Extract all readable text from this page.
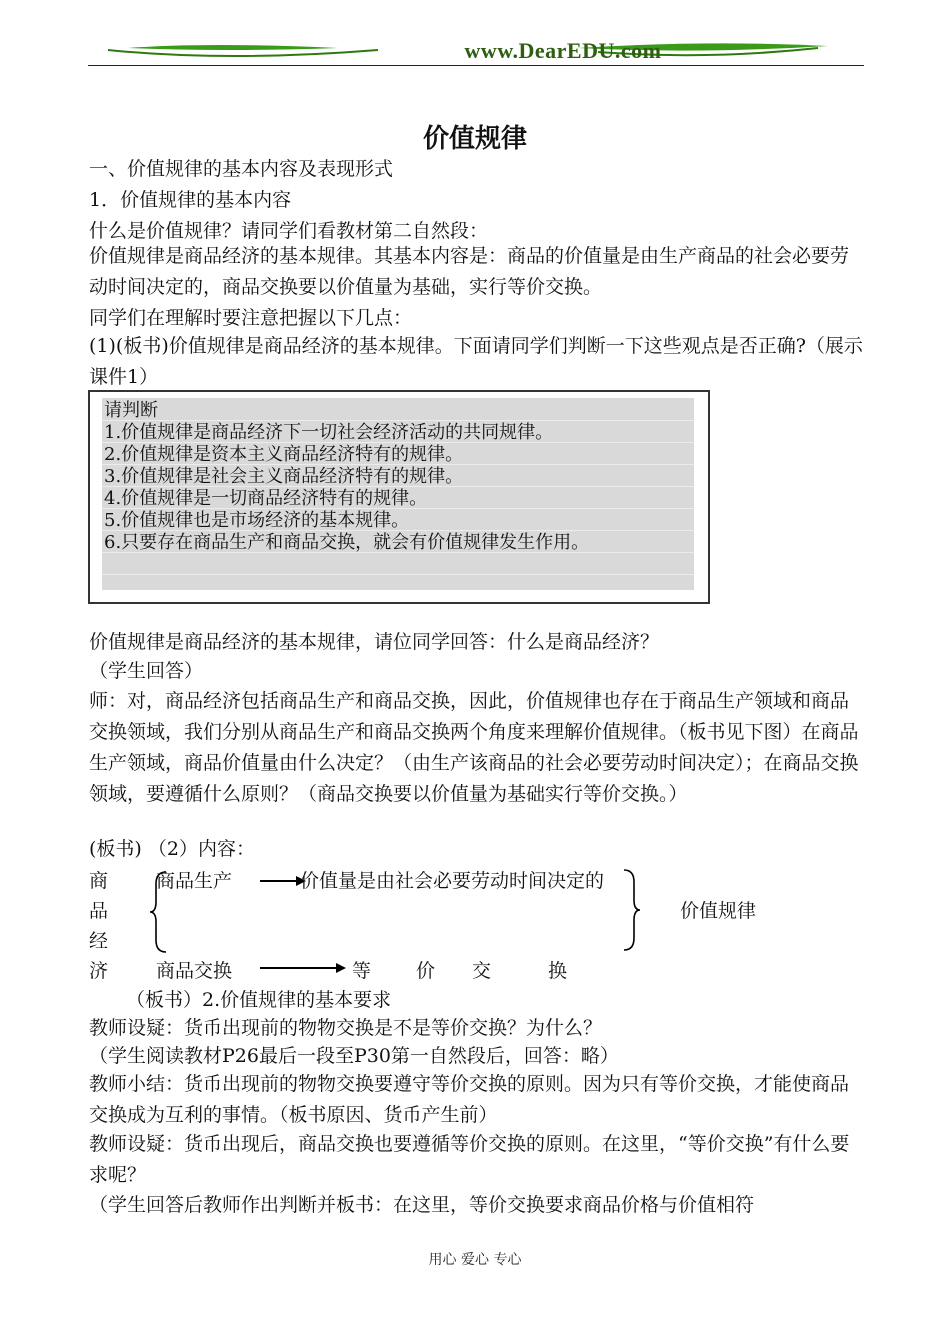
www.DearEDU.com
价值规律
一、价值规律的基本内容及表现形式
1．价值规律的基本内容
什么是价值规律？请同学们看教材第二自然段：
价值规律是商品经济的基本规律。其基本内容是：商品的价值量是由生产商品的社会必要劳动时间决定的，商品交换要以价值量为基础，实行等价交换。
同学们在理解时要注意把握以下几点：
(1)(板书)价值规律是商品经济的基本规律。下面请同学们判断一下这些观点是否正确?（展示课件1）
请判断
1.价值规律是商品经济下一切社会经济活动的共同规律。
2.价值规律是资本主义商品经济特有的规律。
3.价值规律是社会主义商品经济特有的规律。
4.价值规律是一切商品经济特有的规律。
5.价值规律也是市场经济的基本规律。
6.只要存在商品生产和商品交换，就会有价值规律发生作用。
价值规律是商品经济的基本规律，请位同学回答：什么是商品经济？
（学生回答）
师：对，商品经济包括商品生产和商品交换，因此，价值规律也存在于商品生产领域和商品交换领域，我们分别从商品生产和商品交换两个角度来理解价值规律。（板书见下图）在商品生产领域，商品价值量由什么决定？（由生产该商品的社会必要劳动时间决定）；在商品交换领域，要遵循什么原则？（商品交换要以价值量为基础实行等价交换。）
(板书) （2）内容：
商
品
经
济
商品生产	价值量是由社会必要劳动时间决定的
价值规律
商品交换	等 价 交	换
（板书）2.价值规律的基本要求
教师设疑：货币出现前的物物交换是不是等价交换？为什么？
（学生阅读教材P26最后一段至P30第一自然段后，回答：略）
教师小结：货币出现前的物物交换要遵守等价交换的原则。因为只有等价交换，才能使商品交换成为互利的事情。（板书原因、货币产生前）
教师设疑：货币出现后，商品交换也要遵循等价交换的原则。在这里，“等价交换”有什么要求呢？
（学生回答后教师作出判断并板书：在这里，等价交换要求商品价格与价值相符
用心 爱心 专心
